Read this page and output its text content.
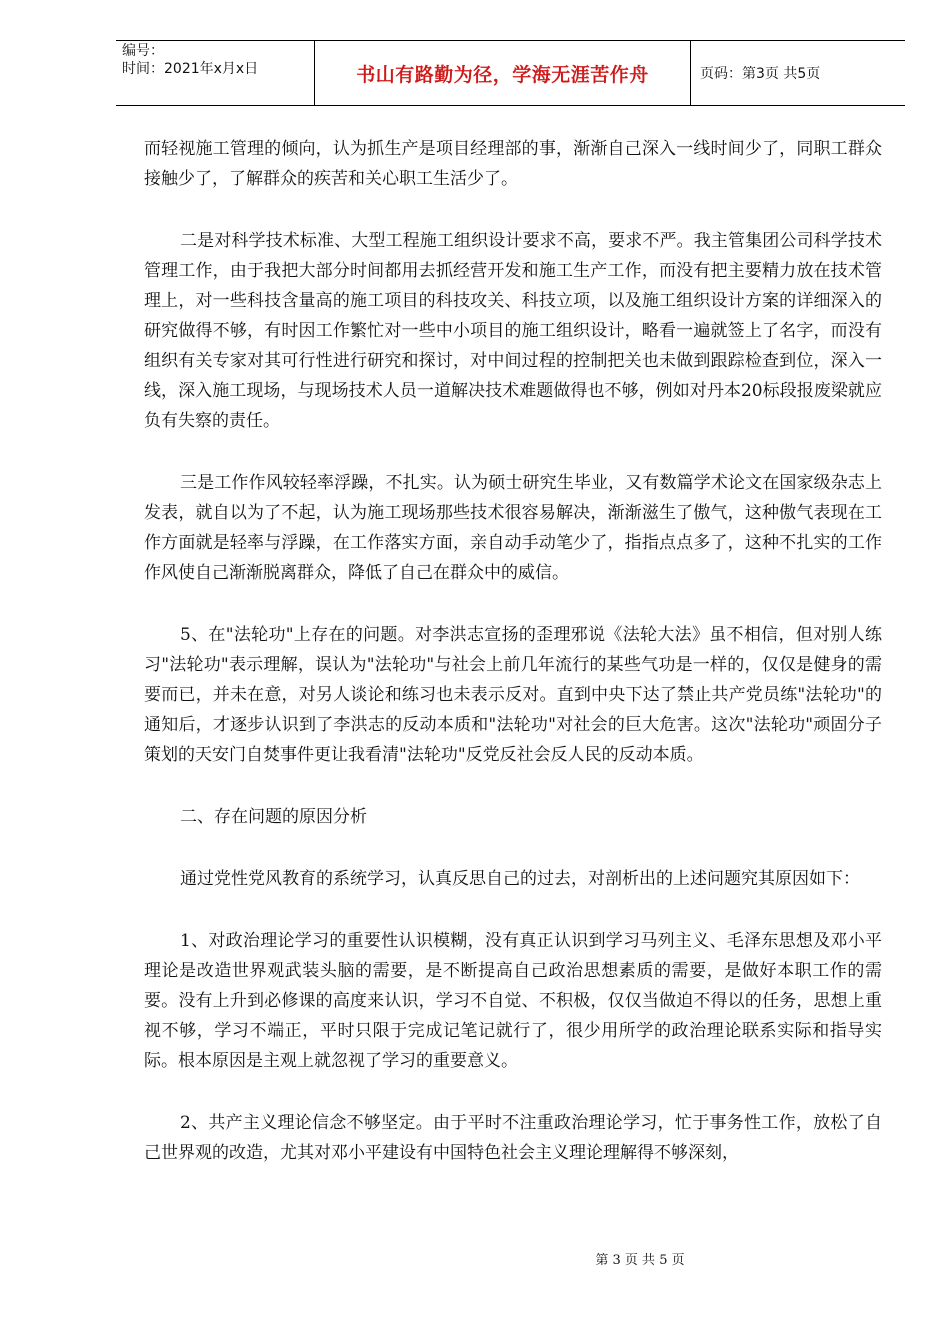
编号：
时间：2021年x月x日	书山有路勤为径，学海无涯苦作舟	页码：第3页 共5页

而轻视施工管理的倾向，认为抓生产是项目经理部的事，渐渐自己深入一线时间少了，同职工群众接触少了，了解群众的疾苦和关心职工生活少了。

二是对科学技术标准、大型工程施工组织设计要求不高，要求不严。我主管集团公司科学技术管理工作，由于我把大部分时间都用去抓经营开发和施工生产工作，而没有把主要精力放在技术管理上，对一些科技含量高的施工项目的科技攻关、科技立项，以及施工组织设计方案的详细深入的研究做得不够，有时因工作繁忙对一些中小项目的施工组织设计，略看一遍就签上了名字，而没有组织有关专家对其可行性进行研究和探讨，对中间过程的控制把关也未做到跟踪检查到位，深入一线，深入施工现场，与现场技术人员一道解决技术难题做得也不够，例如对丹本20标段报废梁就应负有失察的责任。

三是工作作风较轻率浮躁，不扎实。认为硕士研究生毕业，又有数篇学术论文在国家级杂志上发表，就自以为了不起，认为施工现场那些技术很容易解决，渐渐滋生了傲气，这种傲气表现在工作方面就是轻率与浮躁，在工作落实方面，亲自动手动笔少了，指指点点多了，这种不扎实的工作作风使自己渐渐脱离群众，降低了自己在群众中的威信。

5、在"法轮功"上存在的问题。对李洪志宣扬的歪理邪说《法轮大法》虽不相信，但对别人练习"法轮功"表示理解，误认为"法轮功"与社会上前几年流行的某些气功是一样的，仅仅是健身的需要而已，并未在意，对另人谈论和练习也未表示反对。直到中央下达了禁止共产党员练"法轮功"的通知后，才逐步认识到了李洪志的反动本质和"法轮功"对社会的巨大危害。这次"法轮功"顽固分子策划的天安门自焚事件更让我看清"法轮功"反党反社会反人民的反动本质。

二、存在问题的原因分析

通过党性党风教育的系统学习，认真反思自己的过去，对剖析出的上述问题究其原因如下：

1、对政治理论学习的重要性认识模糊，没有真正认识到学习马列主义、毛泽东思想及邓小平理论是改造世界观武装头脑的需要，是不断提高自己政治思想素质的需要，是做好本职工作的需要。没有上升到必修课的高度来认识，学习不自觉、不积极，仅仅当做迫不得以的任务，思想上重视不够，学习不端正，平时只限于完成记笔记就行了，很少用所学的政治理论联系实际和指导实际。根本原因是主观上就忽视了学习的重要意义。

2、共产主义理论信念不够坚定。由于平时不注重政治理论学习，忙于事务性工作，放松了自己世界观的改造，尤其对邓小平建设有中国特色社会主义理论理解得不够深刻，

第 3 页 共 5 页
